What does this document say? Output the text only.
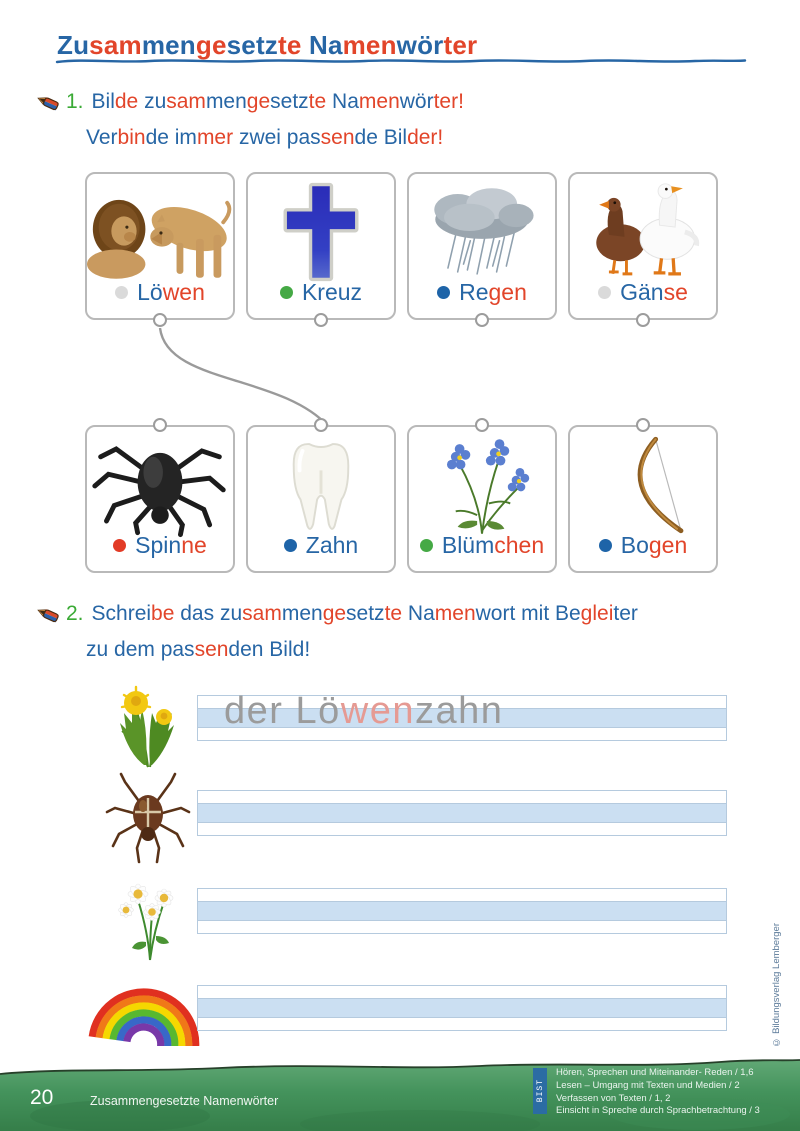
Zusammengesetzte Namenwörter
1. Bilde zusammengesetzte Namenwörter!
Verbinde immer zwei passende Bilder!
Löwen	Kreuz	Regen	Gänse
Spinne	Zahn	Blümchen	Bogen
2. Schreibe das zusammengesetzte Namenwort mit Begleiter
zu dem passenden Bild!
der Löwenzahn
20	Zusammengesetzte Namenwörter	BIST
Hören, Sprechen und Miteinander- Reden / 1,6
Lesen – Umgang mit Texten und Medien / 2
Verfassen von Texten / 1, 2
Einsicht in Spreche durch Sprachbetrachtung / 3
© Bildungsverlag Lemberger
